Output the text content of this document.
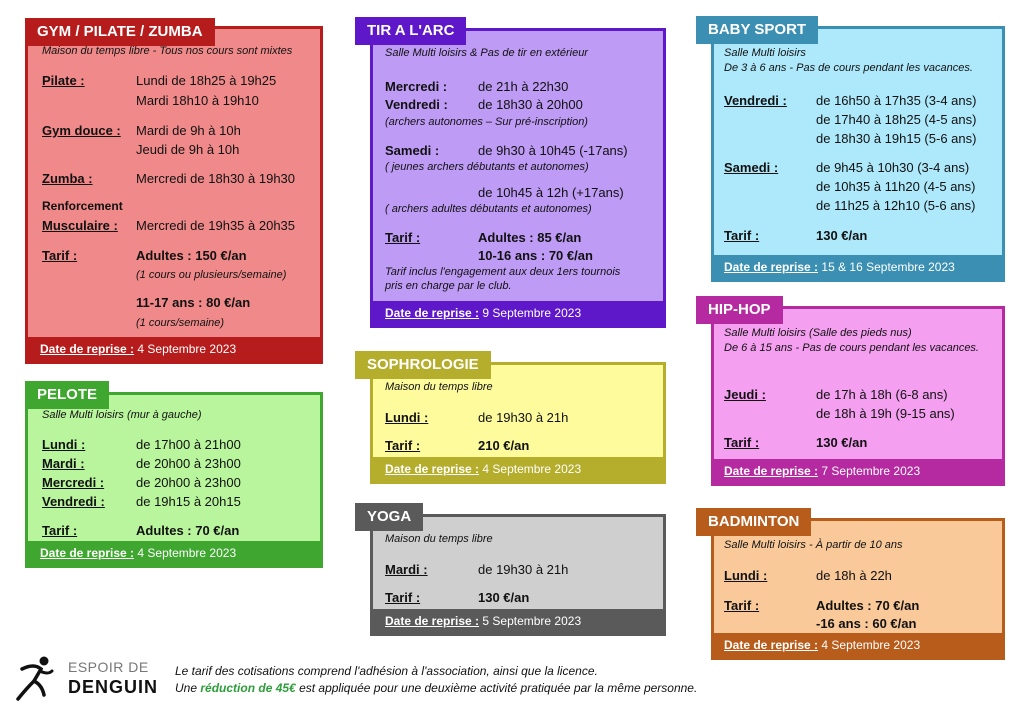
GYM / PILATE / ZUMBA
Maison du temps libre - Tous nos cours sont mixtes
Pilate :	Lundi de 18h25 à 19h25
Mardi 18h10 à 19h10
Gym douce : Mardi de 9h à 10h
Jeudi de 9h à 10h
Zumba :	Mercredi de 18h30 à 19h30
Renforcement
Musculaire : Mercredi de 19h35 à 20h35
Tarif :	Adultes : 150 €/an
(1 cours ou plusieurs/semaine)
11-17 ans : 80 €/an
(1 cours/semaine)
Date de reprise : 4 Septembre 2023
PELOTE
Salle Multi loisirs (mur à gauche)
Lundi :	de 17h00 à 21h00
Mardi :	de 20h00 à 23h00
Mercredi : de 20h00 à 23h00
Vendredi : de 19h15 à 20h15
Tarif :	Adultes : 70 €/an
Date de reprise : 4 Septembre 2023
TIR A L'ARC
Salle Multi loisirs & Pas de tir en extérieur
Mercredi : de 21h à 22h30
Vendredi : de 18h30 à 20h00
(archers autonomes – Sur pré-inscription)
Samedi :	de 9h30 à 10h45 (-17ans)
( jeunes archers débutants et autonomes)
de 10h45 à 12h (+17ans)
( archers adultes débutants et autonomes)
Tarif :	Adultes : 85 €/an
10-16 ans : 70 €/an
Tarif inclus l'engagement aux deux 1ers tournois
pris en charge par le club.
Date de reprise : 9 Septembre 2023
SOPHROLOGIE
Maison du temps libre
Lundi :	de 19h30 à 21h
Tarif :	210 €/an
Date de reprise : 4 Septembre 2023
YOGA
Maison du temps libre
Mardi :	de 19h30 à 21h
Tarif :	130 €/an
Date de reprise : 5 Septembre 2023
BABY SPORT
Salle Multi loisirs
De 3 à 6 ans - Pas de cours pendant les vacances.
Vendredi : de 16h50 à 17h35 (3-4 ans)
de 17h40 à 18h25 (4-5 ans)
de 18h30 à 19h15 (5-6 ans)
Samedi :	de 9h45 à 10h30 (3-4 ans)
de 10h35 à 11h20 (4-5 ans)
de 11h25 à 12h10 (5-6 ans)
Tarif :	130 €/an
Date de reprise : 15 & 16 Septembre 2023
HIP-HOP
Salle Multi loisirs (Salle des pieds nus)
De 6 à 15 ans - Pas de cours pendant les vacances.
Jeudi :	de 17h à 18h (6-8 ans)
de 18h à 19h (9-15 ans)
Tarif :	130 €/an
Date de reprise : 7 Septembre 2023
BADMINTON
Salle Multi loisirs - À partir de 10 ans
Lundi :	de 18h à 22h
Tarif :	Adultes : 70 €/an
-16 ans : 60 €/an
Date de reprise : 4 Septembre 2023
ESPOIR DE
DENGUIN
Le tarif des cotisations comprend l'adhésion à l'association, ainsi que la licence.
Une réduction de 45€ est appliquée pour une deuxième activité pratiquée par la même personne.
